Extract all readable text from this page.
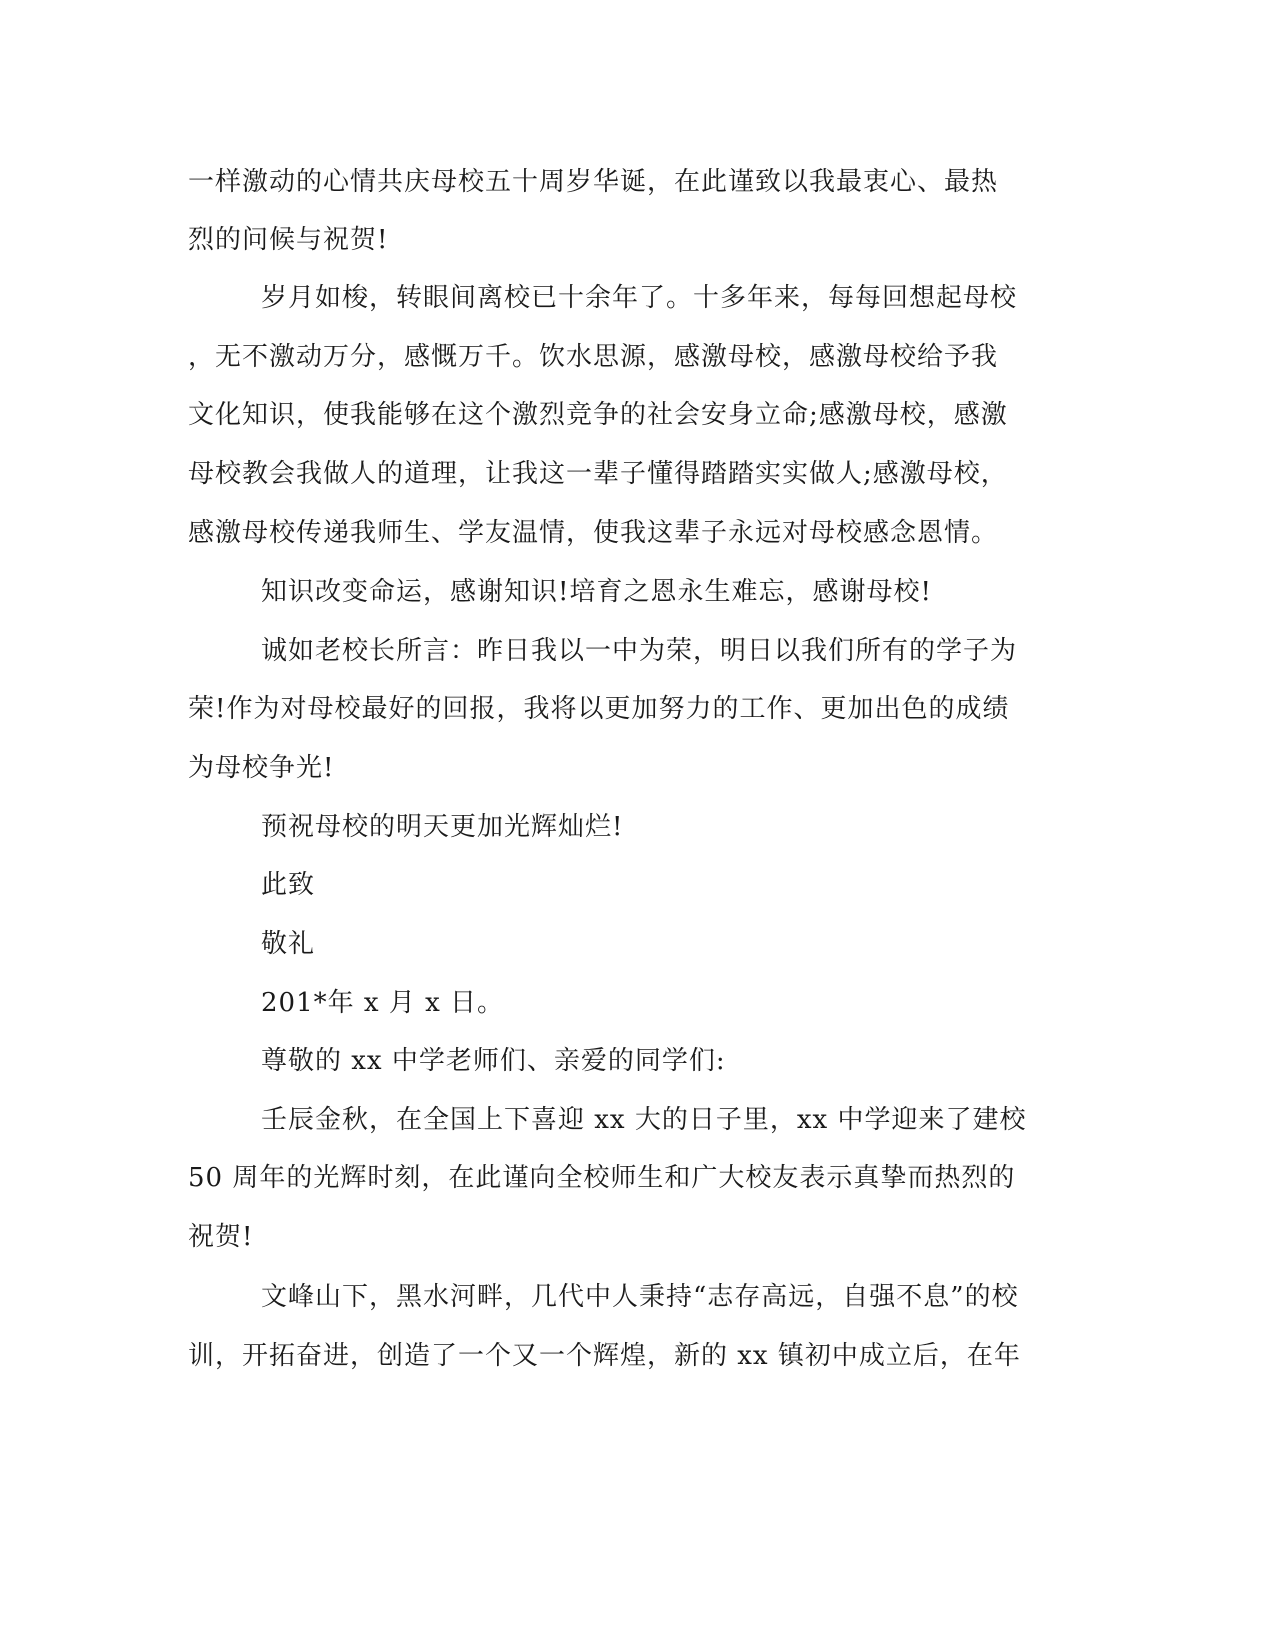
一样激动的心情共庆母校五十周岁华诞，在此谨致以我最衷心、最热
烈的问候与祝贺!
岁月如梭，转眼间离校已十余年了。十多年来，每每回想起母校
，无不激动万分，感慨万千。饮水思源，感激母校，感激母校给予我
文化知识，使我能够在这个激烈竞争的社会安身立命;感激母校，感激
母校教会我做人的道理，让我这一辈子懂得踏踏实实做人;感激母校，
感激母校传递我师生、学友温情，使我这辈子永远对母校感念恩情。
知识改变命运，感谢知识!培育之恩永生难忘，感谢母校!
诚如老校长所言：昨日我以一中为荣，明日以我们所有的学子为
荣!作为对母校最好的回报，我将以更加努力的工作、更加出色的成绩
为母校争光!
预祝母校的明天更加光辉灿烂!
此致
敬礼
201*年 x 月 x 日。
尊敬的 xx 中学老师们、亲爱的同学们:
壬辰金秋，在全国上下喜迎 xx 大的日子里，xx 中学迎来了建校
50 周年的光辉时刻，在此谨向全校师生和广大校友表示真挚而热烈的
祝贺!
文峰山下，黑水河畔，几代中人秉持“志存高远，自强不息”的校
训，开拓奋进，创造了一个又一个辉煌，新的 xx 镇初中成立后，在年
